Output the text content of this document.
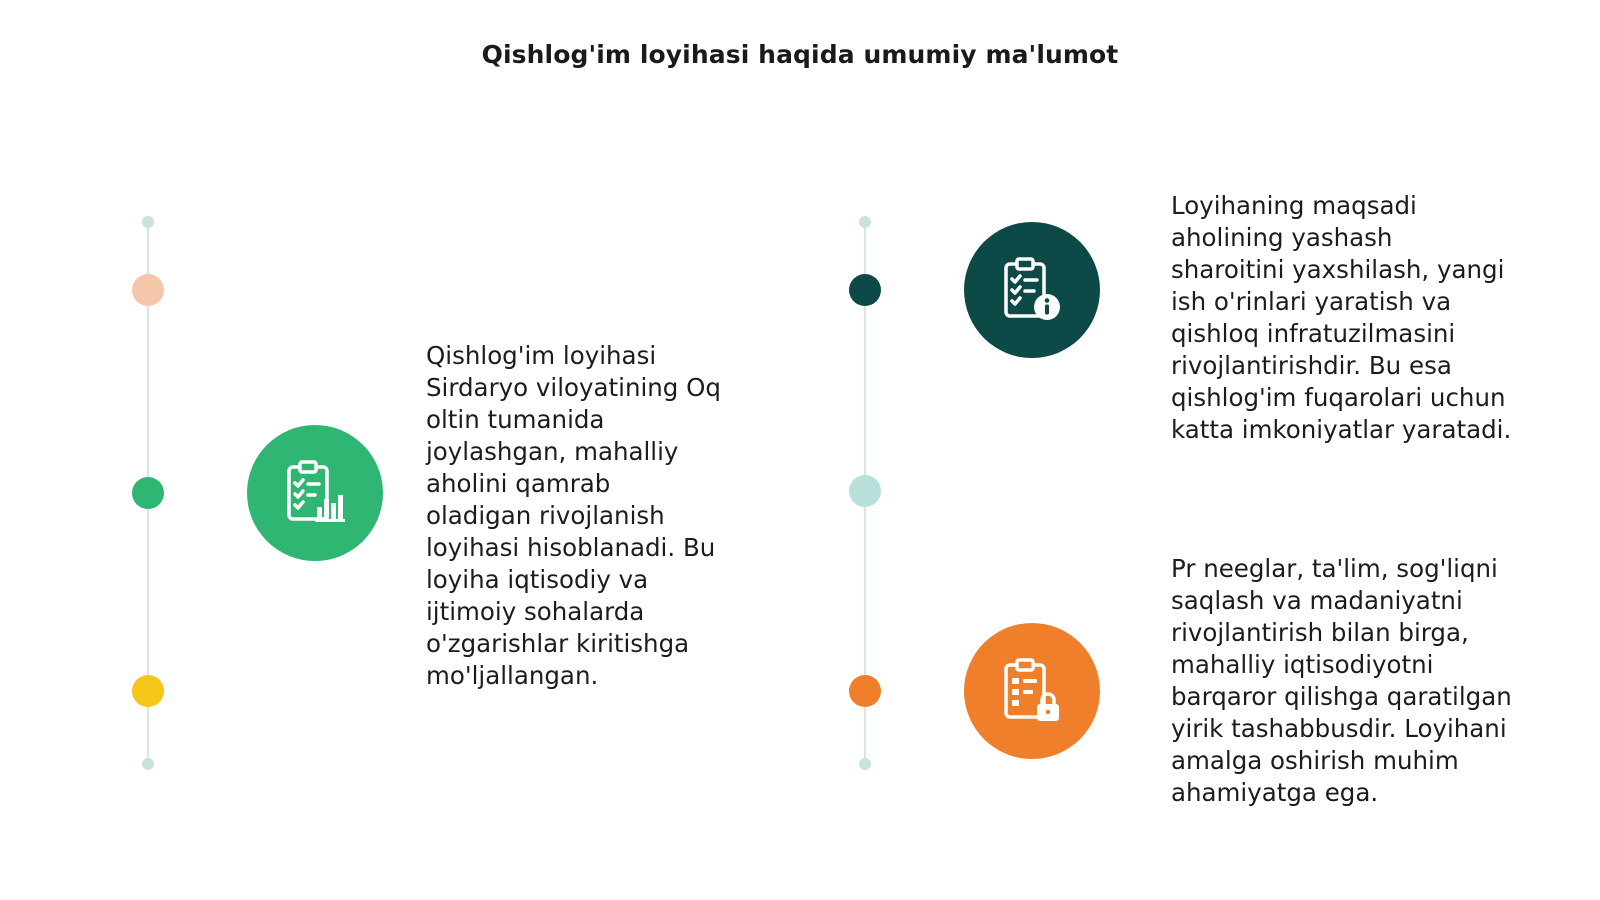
Qishlog'im loyihasi haqida umumiy ma'lumot
Qishlog'im loyihasi
Sirdaryo viloyatining Oq
oltin tumanida
joylashgan, mahalliy
aholini qamrab
oladigan rivojlanish
loyihasi hisoblanadi. Bu
loyiha iqtisodiy va
ijtimoiy sohalarda
o'zgarishlar kiritishga
mo'ljallangan.
Loyihaning maqsadi
aholining yashash
sharoitini yaxshilash, yangi
ish o'rinlari yaratish va
qishloq infratuzilmasini
rivojlantirishdir. Bu esa
qishlog'im fuqarolari uchun
katta imkoniyatlar yaratadi.
Pr neeglar, ta'lim, sog'liqni
saqlash va madaniyatni
rivojlantirish bilan birga,
mahalliy iqtisodiyotni
barqaror qilishga qaratilgan
yirik tashabbusdir. Loyihani
amalga oshirish muhim
ahamiyatga ega.
